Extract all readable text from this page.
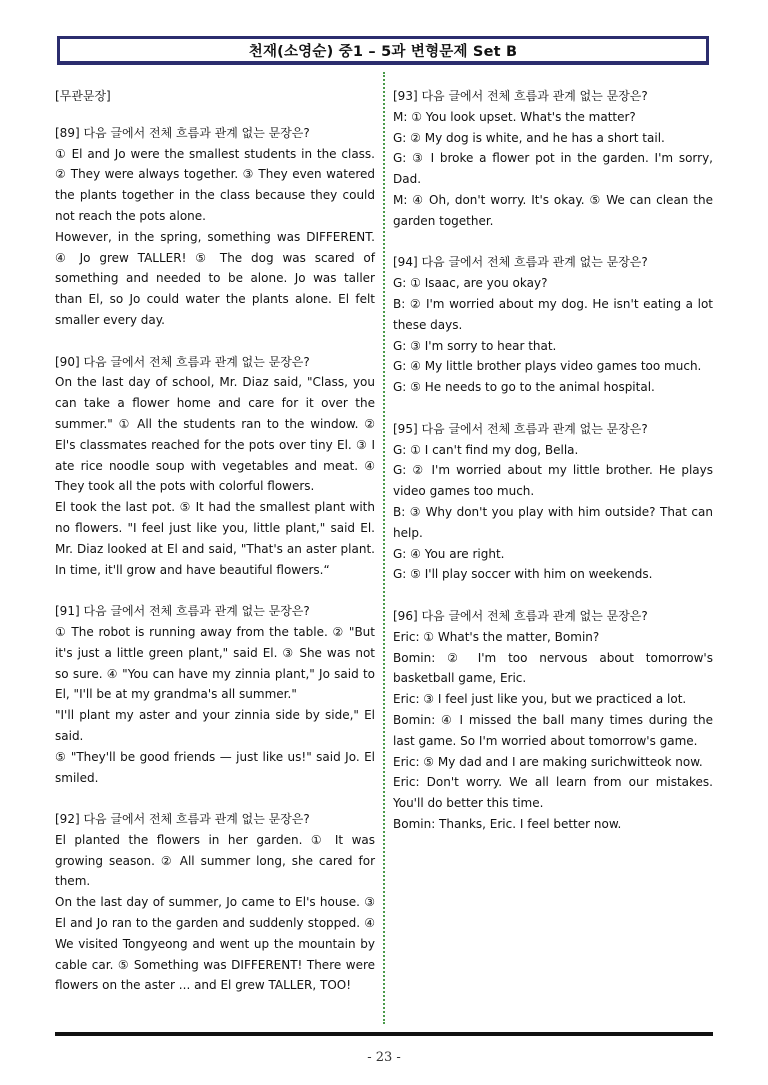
천재(소영순) 중1 – 5과 변형문제 Set B

[무관문장]

[89] 다음 글에서 전체 흐름과 관계 없는 문장은?

① El and Jo were the smallest students in the class. ② They were always together. ③ They even watered the plants together in the class because they could not reach the pots alone.

However, in the spring, something was DIFFERENT. ④ Jo grew TALLER! ⑤ The dog was scared of something and needed to be alone. Jo was taller than El, so Jo could water the plants alone. El felt smaller every day.

[90] 다음 글에서 전체 흐름과 관계 없는 문장은?

On the last day of school, Mr. Diaz said, "Class, you can take a flower home and care for it over the summer." ① All the students ran to the window. ② El's classmates reached for the pots over tiny El. ③ I ate rice noodle soup with vegetables and meat. ④ They took all the pots with colorful flowers.

El took the last pot. ⑤ It had the smallest plant with no flowers. "I feel just like you, little plant," said El. Mr. Diaz looked at El and said, "That's an aster plant. In time, it'll grow and have beautiful flowers.“

[91] 다음 글에서 전체 흐름과 관계 없는 문장은?

① The robot is running away from the table. ② "But it's just a little green plant," said El. ③ She was not so sure. ④ "You can have my zinnia plant," Jo said to El, "I'll be at my grandma's all summer."

"I'll plant my aster and your zinnia side by side," El said.

⑤ "They'll be good friends — just like us!" said Jo. El smiled.

[92] 다음 글에서 전체 흐름과 관계 없는 문장은?

El planted the flowers in her garden. ① It was growing season. ② All summer long, she cared for them.

On the last day of summer, Jo came to El's house. ③ El and Jo ran to the garden and suddenly stopped. ④ We visited Tongyeong and went up the mountain by cable car. ⑤ Something was DIFFERENT! There were flowers on the aster ... and El grew TALLER, TOO!

[93] 다음 글에서 전체 흐름과 관계 없는 문장은?

M: ① You look upset. What's the matter?

G: ② My dog is white, and he has a short tail.

G: ③ I broke a flower pot in the garden. I'm sorry, Dad.

M: ④ Oh, don't worry. It's okay. ⑤ We can clean the garden together.

[94] 다음 글에서 전체 흐름과 관계 없는 문장은?

G: ① Isaac, are you okay?

B: ② I'm worried about my dog. He isn't eating a lot these days.

G: ③ I'm sorry to hear that.

G: ④ My little brother plays video games too much.

G: ⑤ He needs to go to the animal hospital.

[95] 다음 글에서 전체 흐름과 관계 없는 문장은?

G: ① I can't find my dog, Bella.

G: ② I'm worried about my little brother. He plays video games too much.

B: ③ Why don't you play with him outside? That can help.

G: ④ You are right.

G: ⑤ I'll play soccer with him on weekends.

[96] 다음 글에서 전체 흐름과 관계 없는 문장은?

Eric: ① What's the matter, Bomin?

Bomin: ② I'm too nervous about tomorrow's basketball game, Eric.

Eric: ③ I feel just like you, but we practiced a lot.

Bomin: ④ I missed the ball many times during the last game. So I'm worried about tomorrow's game.

Eric: ⑤ My dad and I are making surichwitteok now.

Eric: Don't worry. We all learn from our mistakes. You'll do better this time.

Bomin: Thanks, Eric. I feel better now.

- 23 -
